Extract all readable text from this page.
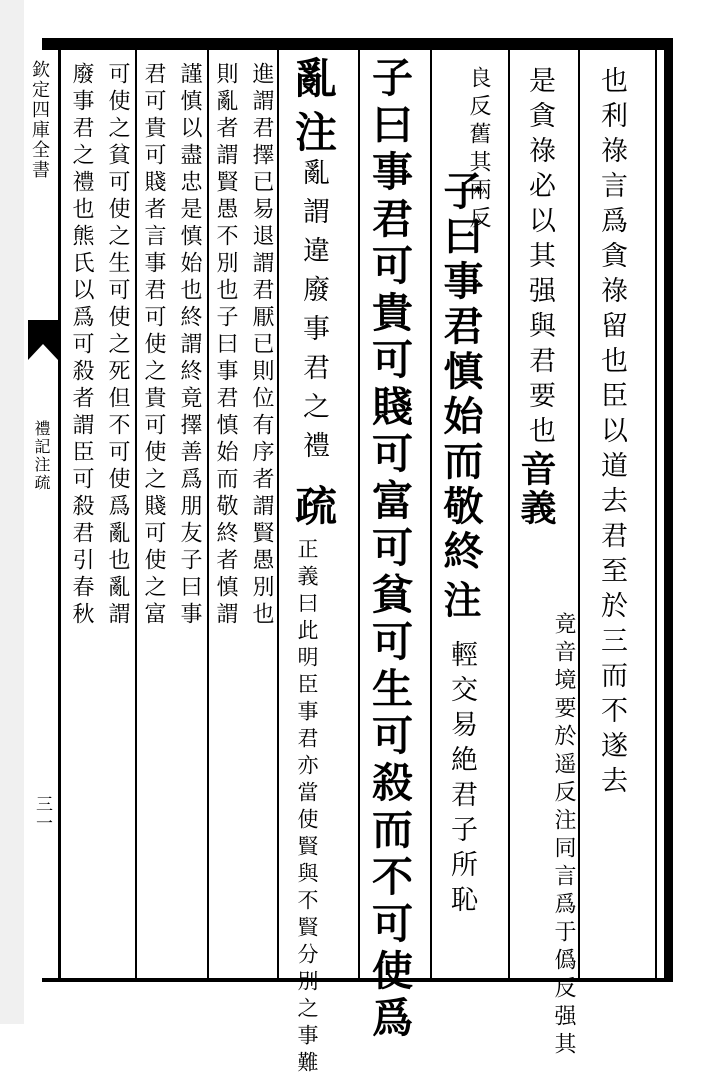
欽定四庫全書
禮記注疏
三一
也利祿言爲貪祿留也臣以道去君至於三而不遂去
是貪祿必以其强與君要也
音義
竟音境要於遥反注同言爲于僞反强其
良反舊其兩反
子曰事君慎始而敬終
注
輕交易絶君子所恥
子曰事君可貴可賤可富可貧可生可殺而不可使爲
亂
注
亂謂違廢事君之禮
疏
正義曰此明臣事君亦當使賢與不賢分別之事難
進謂君擇已易退謂君厭已則位有序者謂賢愚別也
則亂者謂賢愚不別也子曰事君慎始而敬終者慎謂
謹慎以盡忠是慎始也終謂終竟擇善爲朋友子曰事
君可貴可賤者言事君可使之貴可使之賤可使之富
可使之貧可使之生可使之死但不可使爲亂也亂謂
廢事君之禮也熊氏以爲可殺者謂臣可殺君引春秋
